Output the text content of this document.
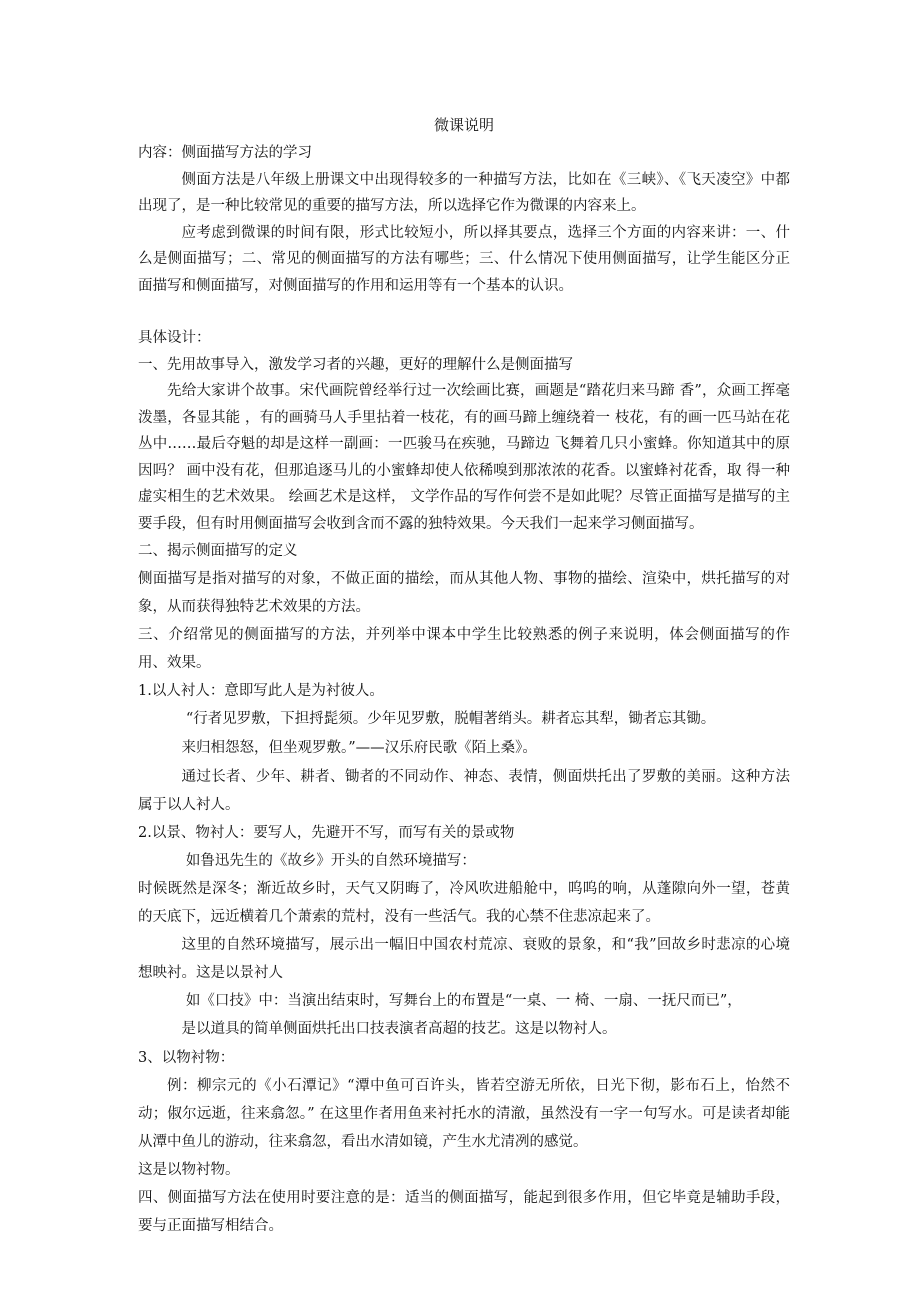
微课说明

内容：侧面描写方法的学习

侧面方法是八年级上册课文中出现得较多的一种描写方法，比如在《三峡》、《飞天凌空》中都出现了，是一种比较常见的重要的描写方法，所以选择它作为微课的内容来上。

应考虑到微课的时间有限，形式比较短小，所以择其要点，选择三个方面的内容来讲：一、什么是侧面描写；二、常见的侧面描写的方法有哪些；三、什么情况下使用侧面描写，让学生能区分正面描写和侧面描写，对侧面描写的作用和运用等有一个基本的认识。

具体设计：

一、先用故事导入，激发学习者的兴趣，更好的理解什么是侧面描写

先给大家讲个故事。宋代画院曾经举行过一次绘画比赛，画题是“踏花归来马蹄 香”，众画工挥毫泼墨，各显其能 ，有的画骑马人手里拈着一枝花，有的画马蹄上缠绕着一 枝花，有的画一匹马站在花丛中……最后夺魁的却是这样一副画：一匹骏马在疾驰，马蹄边 飞舞着几只小蜜蜂。你知道其中的原因吗？ 画中没有花，但那追逐马儿的小蜜蜂却使人依稀嗅到那浓浓的花香。以蜜蜂衬花香，取 得一种虚实相生的艺术效果。 绘画艺术是这样， 文学作品的写作何尝不是如此呢？尽管正面描写是描写的主要手段，但有时用侧面描写会收到含而不露的独特效果。今天我们一起来学习侧面描写。

二、揭示侧面描写的定义

侧面描写是指对描写的对象，不做正面的描绘，而从其他人物、事物的描绘、渲染中，烘托描写的对象，从而获得独特艺术效果的方法。

三、介绍常见的侧面描写的方法，并列举中课本中学生比较熟悉的例子来说明，体会侧面描写的作用、效果。

1.以人衬人：意即写此人是为衬彼人。

“行者见罗敷，下担捋髭须。少年见罗敷，脱帽著绡头。耕者忘其犁，锄者忘其锄。

来归相怨怒，但坐观罗敷。”——汉乐府民歌《陌上桑》。

通过长者、少年、耕者、锄者的不同动作、神态、表情，侧面烘托出了罗敷的美丽。这种方法属于以人衬人。

2.以景、物衬人：要写人，先避开不写，而写有关的景或物

如鲁迅先生的《故乡》开头的自然环境描写：

时候既然是深冬；渐近故乡时，天气又阴晦了，冷风吹进船舱中，呜呜的响，从蓬隙向外一望，苍黄的天底下，远近横着几个萧索的荒村，没有一些活气。我的心禁不住悲凉起来了。

这里的自然环境描写，展示出一幅旧中国农村荒凉、衰败的景象，和“我”回故乡时悲凉的心境想映衬。这是以景衬人

如《口技》中：当演出结束时，写舞台上的布置是“一桌、一 椅、一扇、一抚尺而已”，

是以道具的简单侧面烘托出口技表演者高超的技艺。这是以物衬人。

3、以物衬物：

例：柳宗元的《小石潭记》“潭中鱼可百许头，皆若空游无所依，日光下彻，影布石上，怡然不动；俶尔远逝，往来翕忽。” 在这里作者用鱼来衬托水的清澈，虽然没有一字一句写水。可是读者却能从潭中鱼儿的游动，往来翕忽，看出水清如镜，产生水尤清冽的感觉。

这是以物衬物。

四、侧面描写方法在使用时要注意的是：适当的侧面描写，能起到很多作用，但它毕竟是辅助手段，要与正面描写相结合。
